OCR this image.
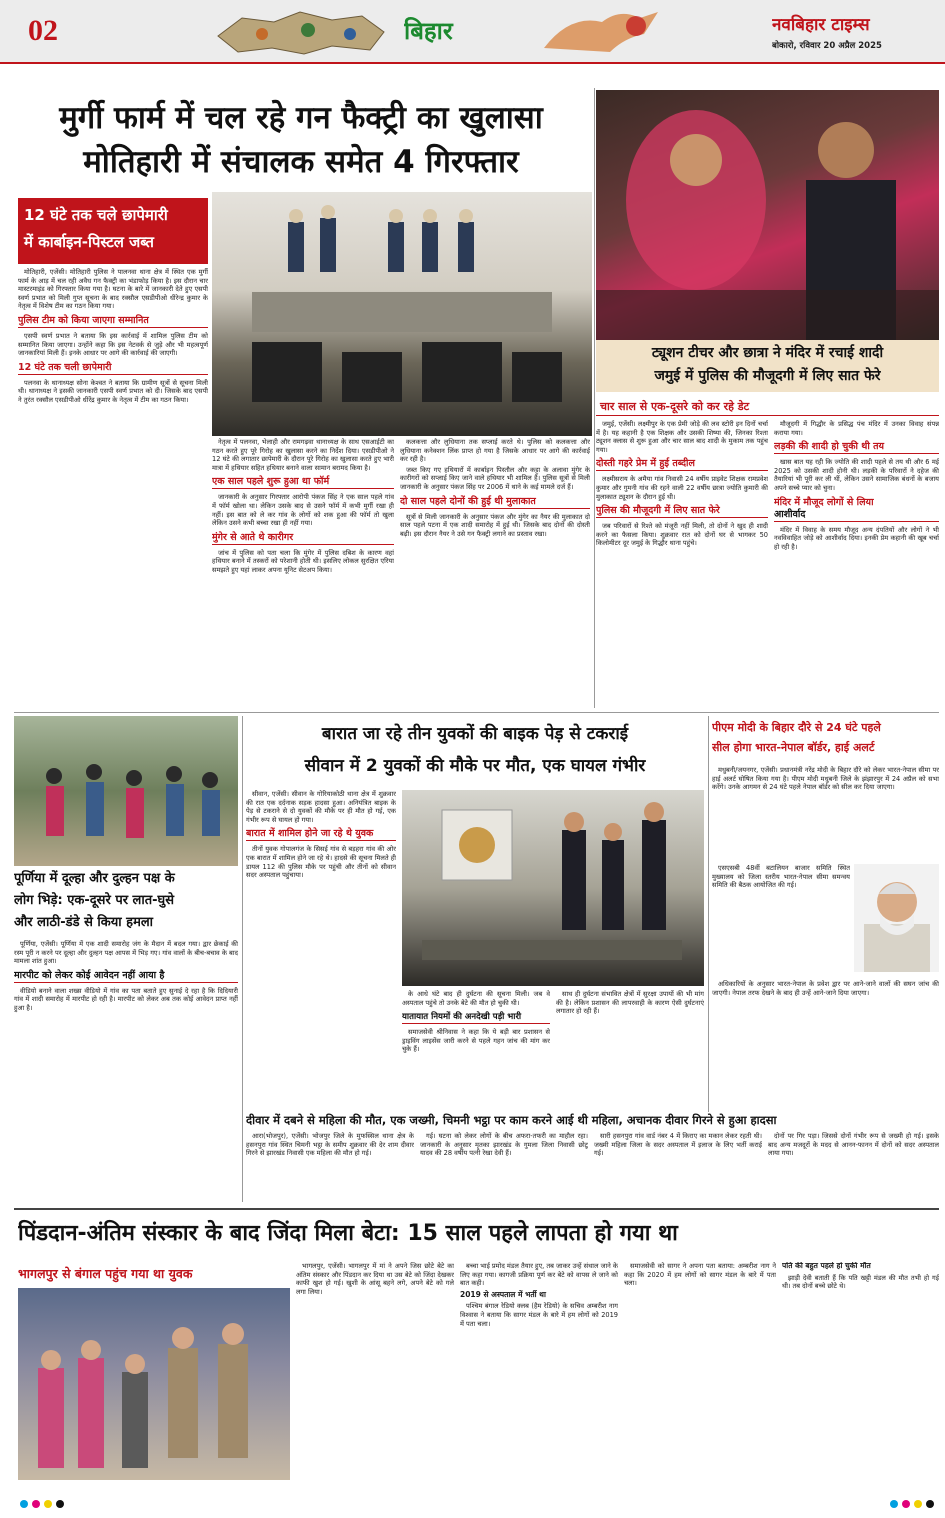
02	बिहार	नवबिहार टाइम्स
बोकारो, रविवार 20 अप्रैल 2025
मुर्गी फार्म में चल रहे गन फैक्ट्री का खुलासा
मोतिहारी में संचालक समेत 4 गिरफ्तार
12 घंटे तक चले छापेमारी
में कार्बाइन-पिस्टल जब्त

मोतिहारी, एजेंसी। मोतिहारी पुलिस ने पालनवा थाना क्षेत्र में स्थित एक मुर्गी फार्म के आड़ में चल रही अवैध गन फैक्ट्री का भंडाफोड़ किया है। इस दौरान चार मास्टरमाइंड को गिरफ्तार किया गया है। घटना के बारे में जानकारी देते हुए एसपी स्वर्ण प्रभात को मिली गुप्त सूचना के बाद रक्सौल एसडीपीओ धीरेन्द्र कुमार के नेतृत्व में विशेष टीम का गठन किया गया।

पुलिस टीम को किया जाएगा सम्मानित

एसपी स्वर्ण प्रभात ने बताया कि इस कार्रवाई में शामिल पुलिस टीम को सम्मानित किया जाएगा। उन्होंने कहा कि इस नेटवर्क से जुड़े और भी महत्वपूर्ण जानकारियां मिली हैं। इनके आधार पर आगे की कार्रवाई की जाएगी।

12 घंटे तक चली छापेमारी

पलनवा के थानाध्यक्ष सोना केश्वत ने बताया कि ग्रामीण सूत्रों से सूचना मिली थी। थानाध्यक्ष ने इसकी जानकारी एसपी स्वर्ण प्रभात को दी। जिसके बाद एसपी ने तुरंत रक्सौल एसडीपीओ धीरेंद्र कुमार के नेतृत्व में टीम का गठन किया।

नेतृत्व में पलनवा, भेलाही और रामगढ़वा थानाध्यक्ष के साथ एसआईटी का गठन करते हुए पूरे गिरोह का खुलासा करने का निर्देश दिया। एसडीपीओ ने 12 घंटे की लगातार छापेमारी के दौरान पूरे गिरोह का खुलासा करते हुए भारी मात्रा में हथियार सहित हथियार बनाने वाला सामान बरामद किया है।

एक साल पहले शुरू हुआ था फॉर्म

जानकारी के अनुसार गिरफ्तार आरोपी पंकज सिंह ने एक साल पहले गांव में फॉर्म खोला था। लेकिन उसके बाद से उसने फॉर्म में कभी मुर्गी रखा ही नहीं। इस बात को ले कर गांव के लोगों को शक हुआ की फॉर्म तो खुला लेकिन उसने कभी बच्चा रखा ही नहीं गया।

मुंगेर से आते थे कारीगर

जांच में पुलिस को पता चला कि मुंगेर में पुलिस दबिश के कारण वहां हथियार बनाने में तस्करों को परेशानी होती थी। इसलिए लोकल सुरक्षित एरिया समझते हुए यहां लाकर अपना यूनिट सेटअप किया।

कलकत्ता और लुधियाना तक सप्लाई करते थे। पुलिस को कलकत्ता और लुधियाना कनेक्शन लिंक प्राप्त हो गया है जिसके आधार पर आगे की कार्रवाई कर रही है।

जब्त किए गए हथियारों में कार्बाइन पिस्तौल और कट्टा के अलावा मुंगेर के कारीगरों को सप्लाई किए जाने वाले हथियार भी शामिल हैं। पुलिस सूत्रों से मिली जानकारी के अनुसार पंकज सिंह पर 2006 में थाने के कई मामले दर्ज हैं।

दो साल पहले दोनों की हुई थी मुलाकात

सूत्रों से मिली जानकारी के अनुसार पंकज और मुंगेर का नैयर की मुलाकात दो साल पहले पटना में एक शादी समारोह में हुई थी। जिसके बाद दोनों की दोस्ती बढ़ी। इस दौरान नैयर ने उसे गन फैक्ट्री लगाने का प्रस्ताव रखा।

ट्यूशन टीचर और छात्रा ने मंदिर में रचाई शादी
जमुई में पुलिस की मौजूदगी में लिए सात फेरे
चार साल से एक-दूसरे को कर रहे डेट

जमुई, एजेंसी। लक्ष्मीपुर के एक प्रेमी जोड़े की लव स्टोरी इन दिनों चर्चा में है। यह कहानी है एक शिक्षक और उसकी शिष्या की, जिनका रिश्ता ट्यूशन क्लास से शुरू हुआ और चार साल बाद शादी के मुकाम तक पहुंच गया।

दोस्ती गहरे प्रेम में हुई तब्दील

लक्ष्मीसराय के अमैया गांव निवासी 24 वर्षीय प्राइवेट शिक्षक रामप्रवेश कुमार और गुमनी गांव की रहने वाली 22 वर्षीय छात्रा ज्योति कुमारी की मुलाकात ट्यूशन के दौरान हुई थी।

पुलिस की मौजूदगी में लिए सात फेरे

जब परिवारों से रिश्ते को मंजूरी नहीं मिली, तो दोनों ने खुद ही शादी करने का फैसला किया। शुक्रवार रात को दोनों घर से भागकर 50 किलोमीटर दूर जमुई के गिद्धौर थाना पहुंचे।

मौजूदगी में गिद्धौर के प्रसिद्ध पंच मंदिर में उनका विवाह संपन्न कराया गया।

लड़की की शादी हो चुकी थी तय

खास बात यह रही कि ज्योति की शादी पहले से तय थी और 6 मई 2025 को उसकी शादी होनी थी। लड़की के परिवारों ने दहेज की तैयारियां भी पूरी कर ली थीं, लेकिन उसने सामाजिक बंधनों के बजाय अपने सच्चे प्यार को चुना।

मंदिर में मौजूद लोगों से लिया
आशीर्वाद

मंदिर में विवाह के समय मौजूद अन्य दंपतियों और लोगों ने भी नवविवाहित जोड़े को आशीर्वाद दिया। इनकी प्रेम कहानी की खूब चर्चा हो रही है।

पूर्णिया में दूल्हा और दुल्हन पक्ष के
लोग भिड़े: एक-दूसरे पर लात-घुसे
और लाठी-डंडे से किया हमला

पूर्णिया, एजेंसी। पूर्णिया में एक शादी समारोह जंग के मैदान में बदल गया। द्वार छेकाई की रस्म पूरी न करने पर दूल्हा और दुल्हन पक्ष आपस में भिड़ गए। गांव वालों के बीच-बचाव के बाद मामला शांत हुआ।

मारपीट को लेकर कोई आवेदन नहीं आया है

वीडियो बनाने वाला शख्स वीडियो में गांव का पता बताते हुए सुनाई दे रहा है कि दिदियारी गांव में शादी समारोह में मारपीट हो रही है। मारपीट को लेकर अब तक कोई आवेदन प्राप्त नहीं हुआ है।

बारात जा रहे तीन युवकों की बाइक पेड़ से टकराई
सीवान में 2 युवकों की मौके पर मौत, एक घायल गंभीर

सीवान, एजेंसी। सीवान के गोरियाकोठी थाना क्षेत्र में शुक्रवार की रात एक दर्दनाक सड़क हादसा हुआ। अनियंत्रित बाइक के पेड़ से टकराने से दो युवकों की मौके पर ही मौत हो गई, एक गंभीर रूप से घायल हो गया।

बारात में शामिल होने जा रहे थे युवक

तीनों युवक गोपालगंज के सिसई गांव से बड़हरा गांव की ओर एक बारात में शामिल होने जा रहे थे। हादसे की सूचना मिलते ही डायल 112 की पुलिस मौके पर पहुंची और तीनों को सीवान सदर अस्पताल पहुंचाया।

के आधे घंटे बाद ही दुर्घटना की सूचना मिली। जब वे अस्पताल पहुंचे तो उनके बेटे की मौत हो चुकी थी।

यातायात नियमों की अनदेखी पड़ी भारी

समाजसेवी श्रीनिवास ने कहा कि ये बड़ी बार प्रशासन से ड्राइविंग लाइसेंस जारी करने से पहले गहन जांच की मांग कर चुके हैं।

साथ ही दुर्घटना संभावित क्षेत्रों में सुरक्षा उपायों की भी मांग की है। लेकिन प्रशासन की लापरवाही के कारण ऐसी दुर्घटनाएं लगातार हो रही हैं।

पीएम मोदी के बिहार दौरे से 24 घंटे पहले
सील होगा भारत-नेपाल बॉर्डर, हाई अलर्ट

मधुबनी/जयनगर, एजेंसी। प्रधानमंत्री नरेंद्र मोदी के बिहार दौरे को लेकर भारत-नेपाल सीमा पर हाई अलर्ट घोषित किया गया है। पीएम मोदी मधुबनी जिले के झंझारपुर में 24 अप्रैल को सभा करेंगे। उनके आगमन से 24 घंटे पहले नेपाल बॉर्डर को सील कर दिया जाएगा।

एसएसबी 48वीं बटालियन बाजार समिति स्थित मुख्यालय को जिला स्तरीय भारत-नेपाल सीमा समन्वय समिति की बैठक आयोजित की गई।

अधिकारियों के अनुसार भारत-नेपाल के प्रवेश द्वार पर आने-जाने वालों की सघन जांच की जाएगी। नेपाल तरफ देखने के बाद ही उन्हें आने-जाने दिया जाएगा।

दीवार में दबने से महिला की मौत, एक जख्मी, चिमनी भट्ठा पर काम करने आई थी महिला, अचानक दीवार गिरने से हुआ हादसा

आरा(भोजपुर), एजेंसी। भोजपुर जिले के मुफस्सिल थाना क्षेत्र के हसनपुरा गांव स्थित चिमनी भट्ठा के समीप शुक्रवार की देर शाम दीवार गिरने से झारखंड निवासी एक महिला की मौत हो गई।

गई। घटना को लेकर लोगों के बीच अफरा-तफरी का माहौल रहा। जानकारी के अनुसार मृतका झारखंड के गुमला जिला निवासी छोटू यादव की 28 वर्षीय पत्नी रेखा देवी हैं।

सारी हसनपुरा गांव वार्ड नंबर 4 में किराए का मकान लेकर रहती थी। जख्मी महिला जिला के सदर अस्पताल में इलाज के लिए भर्ती कराई गई।

दोनों पर गिर पड़ा। जिससे दोनों गंभीर रूप से जख्मी हो गई। इसके बाद अन्य मजदूरों के मदद से आनन-फानन में दोनों को सदर अस्पताल लाया गया।

पिंडदान-अंतिम संस्कार के बाद जिंदा मिला बेटा: 15 साल पहले लापता हो गया था
भागलपुर से बंगाल पहुंच गया था युवक	भागलपुर, एजेंसी। भागलपुर में मां ने अपने जिस छोटे बेटे का अंतिम संस्कार और पिंडदान कर दिया था उस बेटे को जिंदा देखकर काफी खुश हो गई। खुशी के आंसू बहने लगे, अपने बेटे को गले लगा लिया।

बच्चा भाई प्रमोद मंडल तैयार हुए, तब जाकर उन्हें संथाल जाने के लिए कहा गया। कागजी प्रक्रिया पूर्ण कर बेटे को वापस ले जाने को बात कही।

2019 से अस्पताल में भर्ती था

पश्चिम बंगाल रेडियो क्लब (हैम रेडियो) के सचिव अम्बरीश नाग विश्वास ने बताया कि सागर मंडल के बारे में हम लोगों को 2019 में पता चला।

समाजसेवी को सागर ने अपना पता बताया: अम्बरीश नाग ने कहा कि 2020 में हम लोगों को सागर मंडल के बारे में पता चला।

पति की बहुत पहले हो चुकी मौत

झाड़ी देवी बताती हैं कि पति खट्टी मंडल की मौत तभी हो गई थी। तब दोनों बच्चे छोटे थे।
